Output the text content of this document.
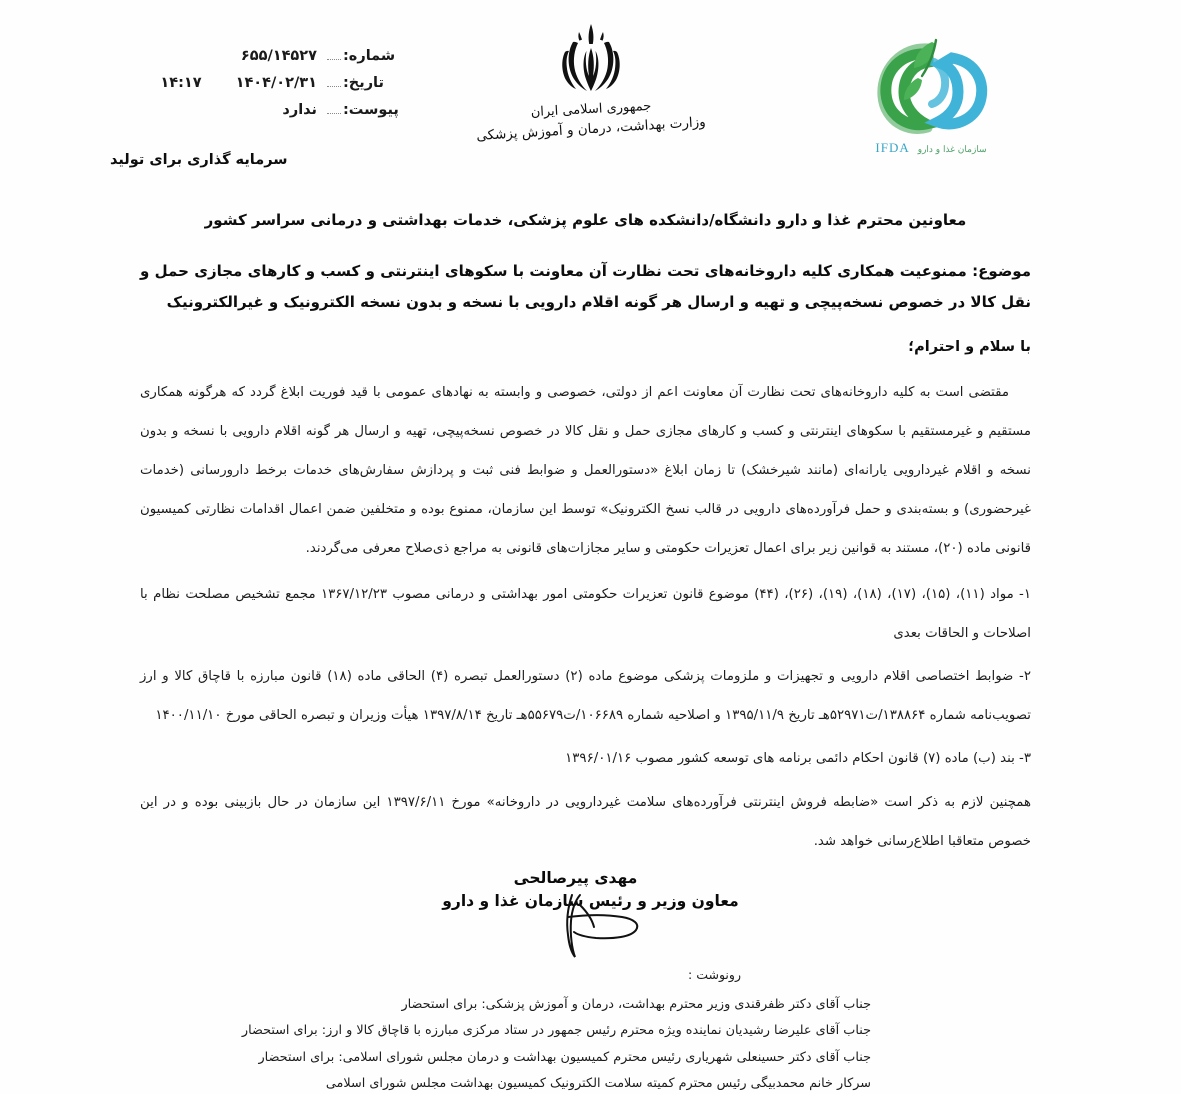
شماره:
۶۵۵/۱۴۵۲۷
تاریخ:
۱۴۰۴/۰۲/۳۱
۱۴:۱۷
پیوست:
ندارد
سرمایه گذاری برای تولید
جمهوری اسلامی ایران
وزارت بهداشت، درمان و آموزش پزشکی
سازمان غذا و دارو
IFDA
معاونین محترم غذا و دارو دانشگاه/دانشکده های علوم پزشکی، خدمات بهداشتی و درمانی سراسر کشور
موضوع: ممنوعیت همکاری کلیه داروخانه‌های تحت نظارت آن معاونت با سکوهای اینترنتی و کسب و کارهای مجازی حمل و نقل کالا در خصوص نسخه‌پیچی و تهیه و ارسال هر گونه اقلام دارویی با نسخه و بدون نسخه الکترونیک و غیرالکترونیک
با سلام و احترام؛

مقتضی است به کلیه داروخانه‌های تحت نظارت آن معاونت اعم از دولتی، خصوصی و وابسته به نهادهای عمومی با قید فوریت ابلاغ گردد که هرگونه همکاری مستقیم و غیرمستقیم با سکوهای اینترنتی و کسب و کارهای مجازی حمل و نقل کالا در خصوص نسخه‌پیچی، تهیه و ارسال هر گونه اقلام دارویی با نسخه و بدون نسخه و اقلام غیردارویی یارانه‌ای (مانند شیرخشک) تا زمان ابلاغ «دستورالعمل و ضوابط فنی ثبت و پردازش سفارش‌های خدمات برخط دارورسانی (خدمات غیرحضوری) و بسته‌بندی و حمل فرآورده‌های دارویی در قالب نسخ الکترونیک» توسط این سازمان، ممنوع بوده و متخلفین ضمن اعمال اقدامات نظارتی کمیسیون قانونی ماده (۲۰)، مستند به قوانین زیر برای اعمال تعزیرات حکومتی و سایر مجازات‌های قانونی به مراجع ذی‌صلاح معرفی می‌گردند.

۱- مواد (۱۱)، (۱۵)، (۱۷)، (۱۸)، (۱۹)، (۲۶)، (۴۴) موضوع قانون تعزیرات حکومتی امور بهداشتی و درمانی مصوب ۱۳۶۷/۱۲/۲۳ مجمع تشخیص مصلحت نظام با اصلاحات و الحاقات بعدی

۲- ضوابط اختصاصی اقلام دارویی و تجهیزات و ملزومات پزشکی موضوع ماده (۲) دستورالعمل تبصره (۴) الحاقی ماده (۱۸) قانون مبارزه با قاچاق کالا و ارز تصویب‌نامه شماره ۱۳۸۸۶۴/ت۵۲۹۷۱هـ تاریخ ۱۳۹۵/۱۱/۹ و اصلاحیه شماره ۱۰۶۶۸۹/ت۵۵۶۷۹هـ تاریخ ۱۳۹۷/۸/۱۴ هیأت وزیران و تبصره الحاقی مورخ ۱۴۰۰/۱۱/۱۰

۳- بند (ب) ماده (۷) قانون احکام دائمی برنامه های توسعه کشور مصوب ۱۳۹۶/۰۱/۱۶

همچنین لازم به ذکر است «ضابطه فروش اینترنتی فرآورده‌های سلامت غیردارویی در داروخانه» مورخ ۱۳۹۷/۶/۱۱ این سازمان در حال بازبینی بوده و در این خصوص متعاقبا اطلاع‌رسانی خواهد شد.

مهدی پیرصالحی
معاون وزیر و رئیس سازمان غذا و دارو
رونوشت :
جناب آقای دکتر ظفرقندی وزیر محترم بهداشت، درمان و آموزش پزشکی: برای استحضار
جناب آقای علیرضا رشیدیان نماینده ویژه محترم رئیس جمهور در ستاد مرکزی مبارزه با قاچاق کالا و ارز: برای استحضار
جناب آقای دکتر حسینعلی شهریاری رئیس محترم کمیسیون بهداشت و درمان مجلس شورای اسلامی: برای استحضار
سرکار خانم محمدبیگی رئیس محترم کمیته سلامت الکترونیک کمیسیون بهداشت مجلس شورای اسلامی
